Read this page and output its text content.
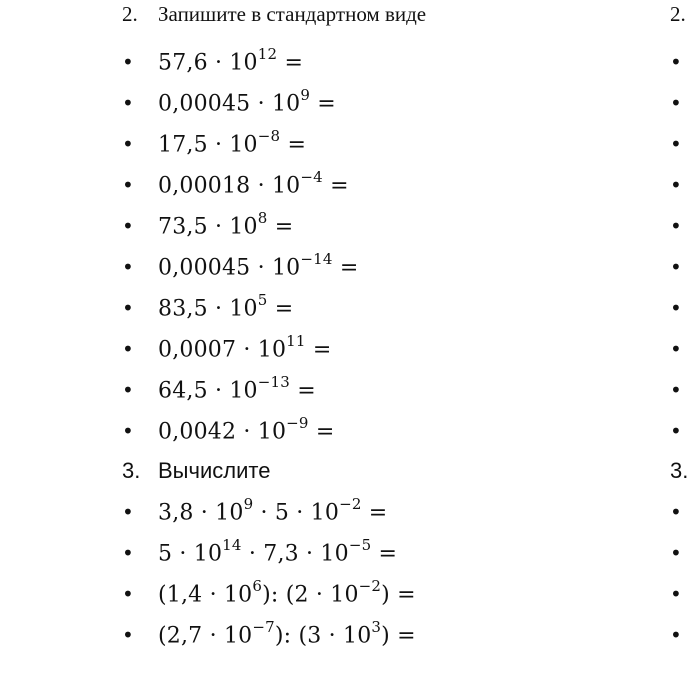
2. Запишите в стандартном виде
•	$57,6 \cdot 10^{12}$ =
•	$0,00045 \cdot 10^9$ =
•	$17,5 \cdot 10^{-8}$ =
•	$0,00018 \cdot 10^{-4}$ =
•	$73,5 \cdot 10^8$ =
•	$0,00045 \cdot 10^{-14}$ =
•	$83,5 \cdot 10^5$ =
•	$0,0007 \cdot 10^{11}$ =
•	$64,5 \cdot 10^{-13}$ =
•	$0,0042 \cdot 10^{-9}$ =
3. Вычислите
•	$3,8 \cdot 10^9 \cdot 5 \cdot 10^{-2}$ =
•	$5 \cdot 10^{14} \cdot 7,3 \cdot 10^{-5}$ =
•	$(1,4 \cdot 10^6)$: $(2 \cdot 10^{-2})$ =
•	$(2,7 \cdot 10^{-7})$: $(3 \cdot 10^3)$ =
2.
•
•
•
•
•
•
•
•
•
•
3.
•
•
•
•
